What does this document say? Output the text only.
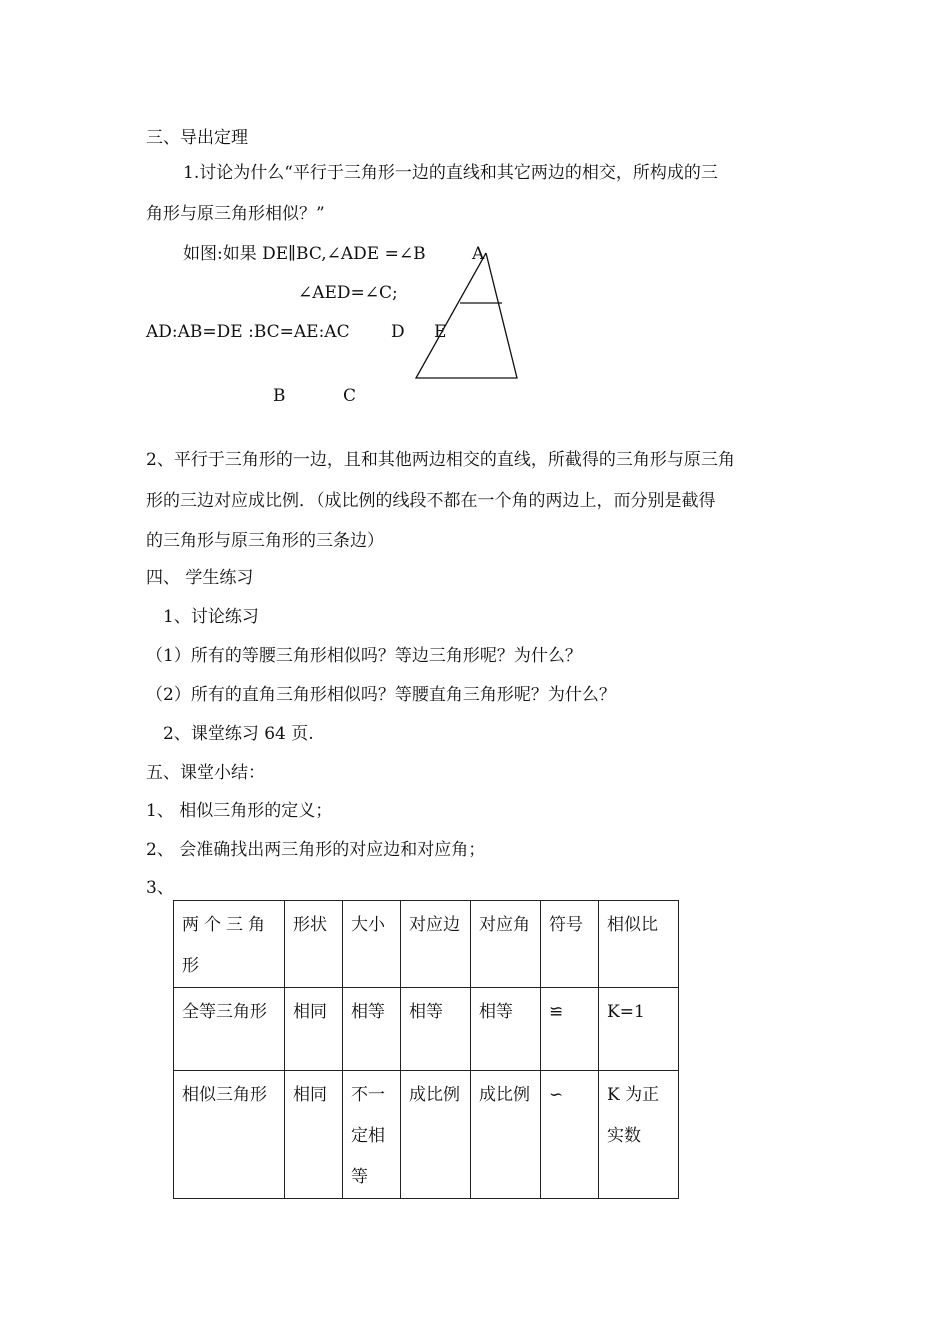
三、导出定理
1.讨论为什么“平行于三角形一边的直线和其它两边的相交，所构成的三
角形与原三角形相似？”
如图:如果 DE∥BC,∠ADE =∠B
∠AED=∠C;
AD:AB=DE :BC=AE:AC
A
D E
B	C
2、平行于三角形的一边，且和其他两边相交的直线，所截得的三角形与原三角
形的三边对应成比例．（成比例的线段不都在一个角的两边上，而分别是截得
的三角形与原三角形的三条边）
四、 学生练习
1、讨论练习
（1）所有的等腰三角形相似吗？等边三角形呢？为什么？
（2）所有的直角三角形相似吗？等腰直角三角形呢？为什么？
2、课堂练习 64 页.
五、课堂小结：
1、 相似三角形的定义；
2、 会准确找出两三角形的对应边和对应角；
3、
两个三角形	形状	大小	对应边	对应角	符号	相似比
全等三角形	相同	相等	相等	相等	≌	K=1
相似三角形	相同	不一定相等	成比例	成比例	∽	K 为正实数
